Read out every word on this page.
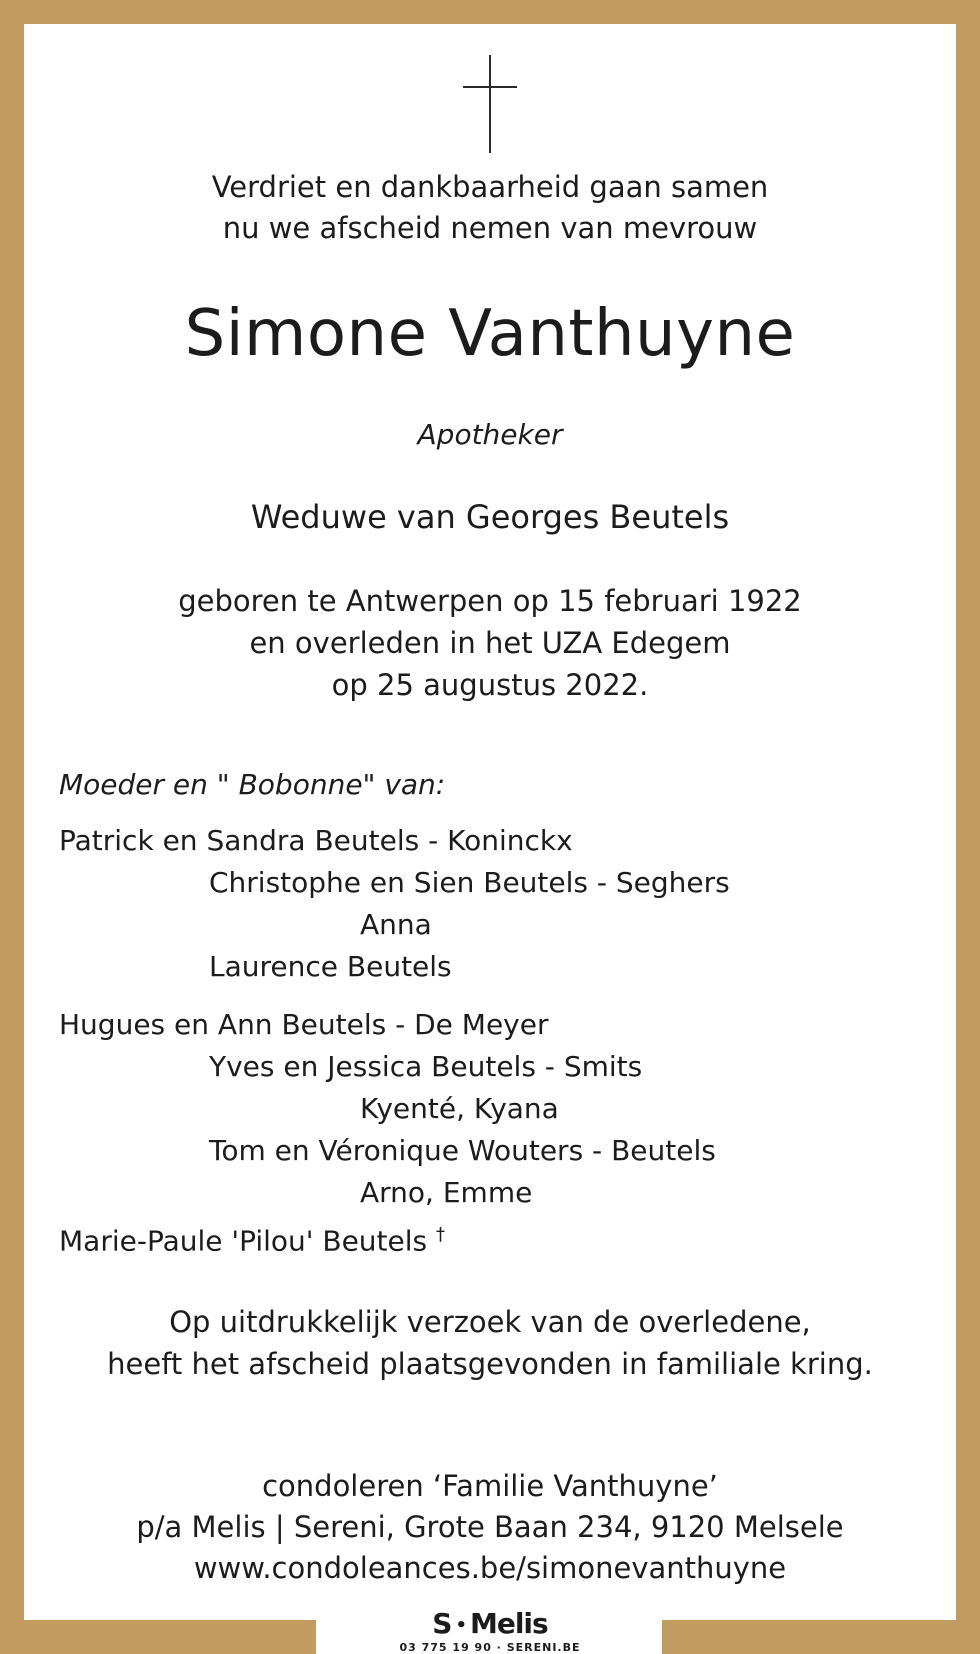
Verdriet en dankbaarheid gaan samen
nu we afscheid nemen van mevrouw
Simone Vanthuyne
Apotheker
Weduwe van Georges Beutels
geboren te Antwerpen op 15 februari 1922
en overleden in het UZA Edegem
op 25 augustus 2022.
Moeder en " Bobonne" van:
Patrick en Sandra Beutels - Koninckx
Christophe en Sien Beutels - Seghers
Anna
Laurence Beutels
Hugues en Ann Beutels - De Meyer
Yves en Jessica Beutels - Smits
Kyenté, Kyana
Tom en Véronique Wouters - Beutels
Arno, Emme
Marie-Paule 'Pilou' Beutels †
Op uitdrukkelijk verzoek van de overledene,
heeft het afscheid plaatsgevonden in familiale kring.
condoleren ‘Familie Vanthuyne’
p/a Melis | Sereni, Grote Baan 234, 9120 Melsele
www.condoleances.be/simonevanthuyne
S • Melis
03 775 19 90 · SERENI.BE
